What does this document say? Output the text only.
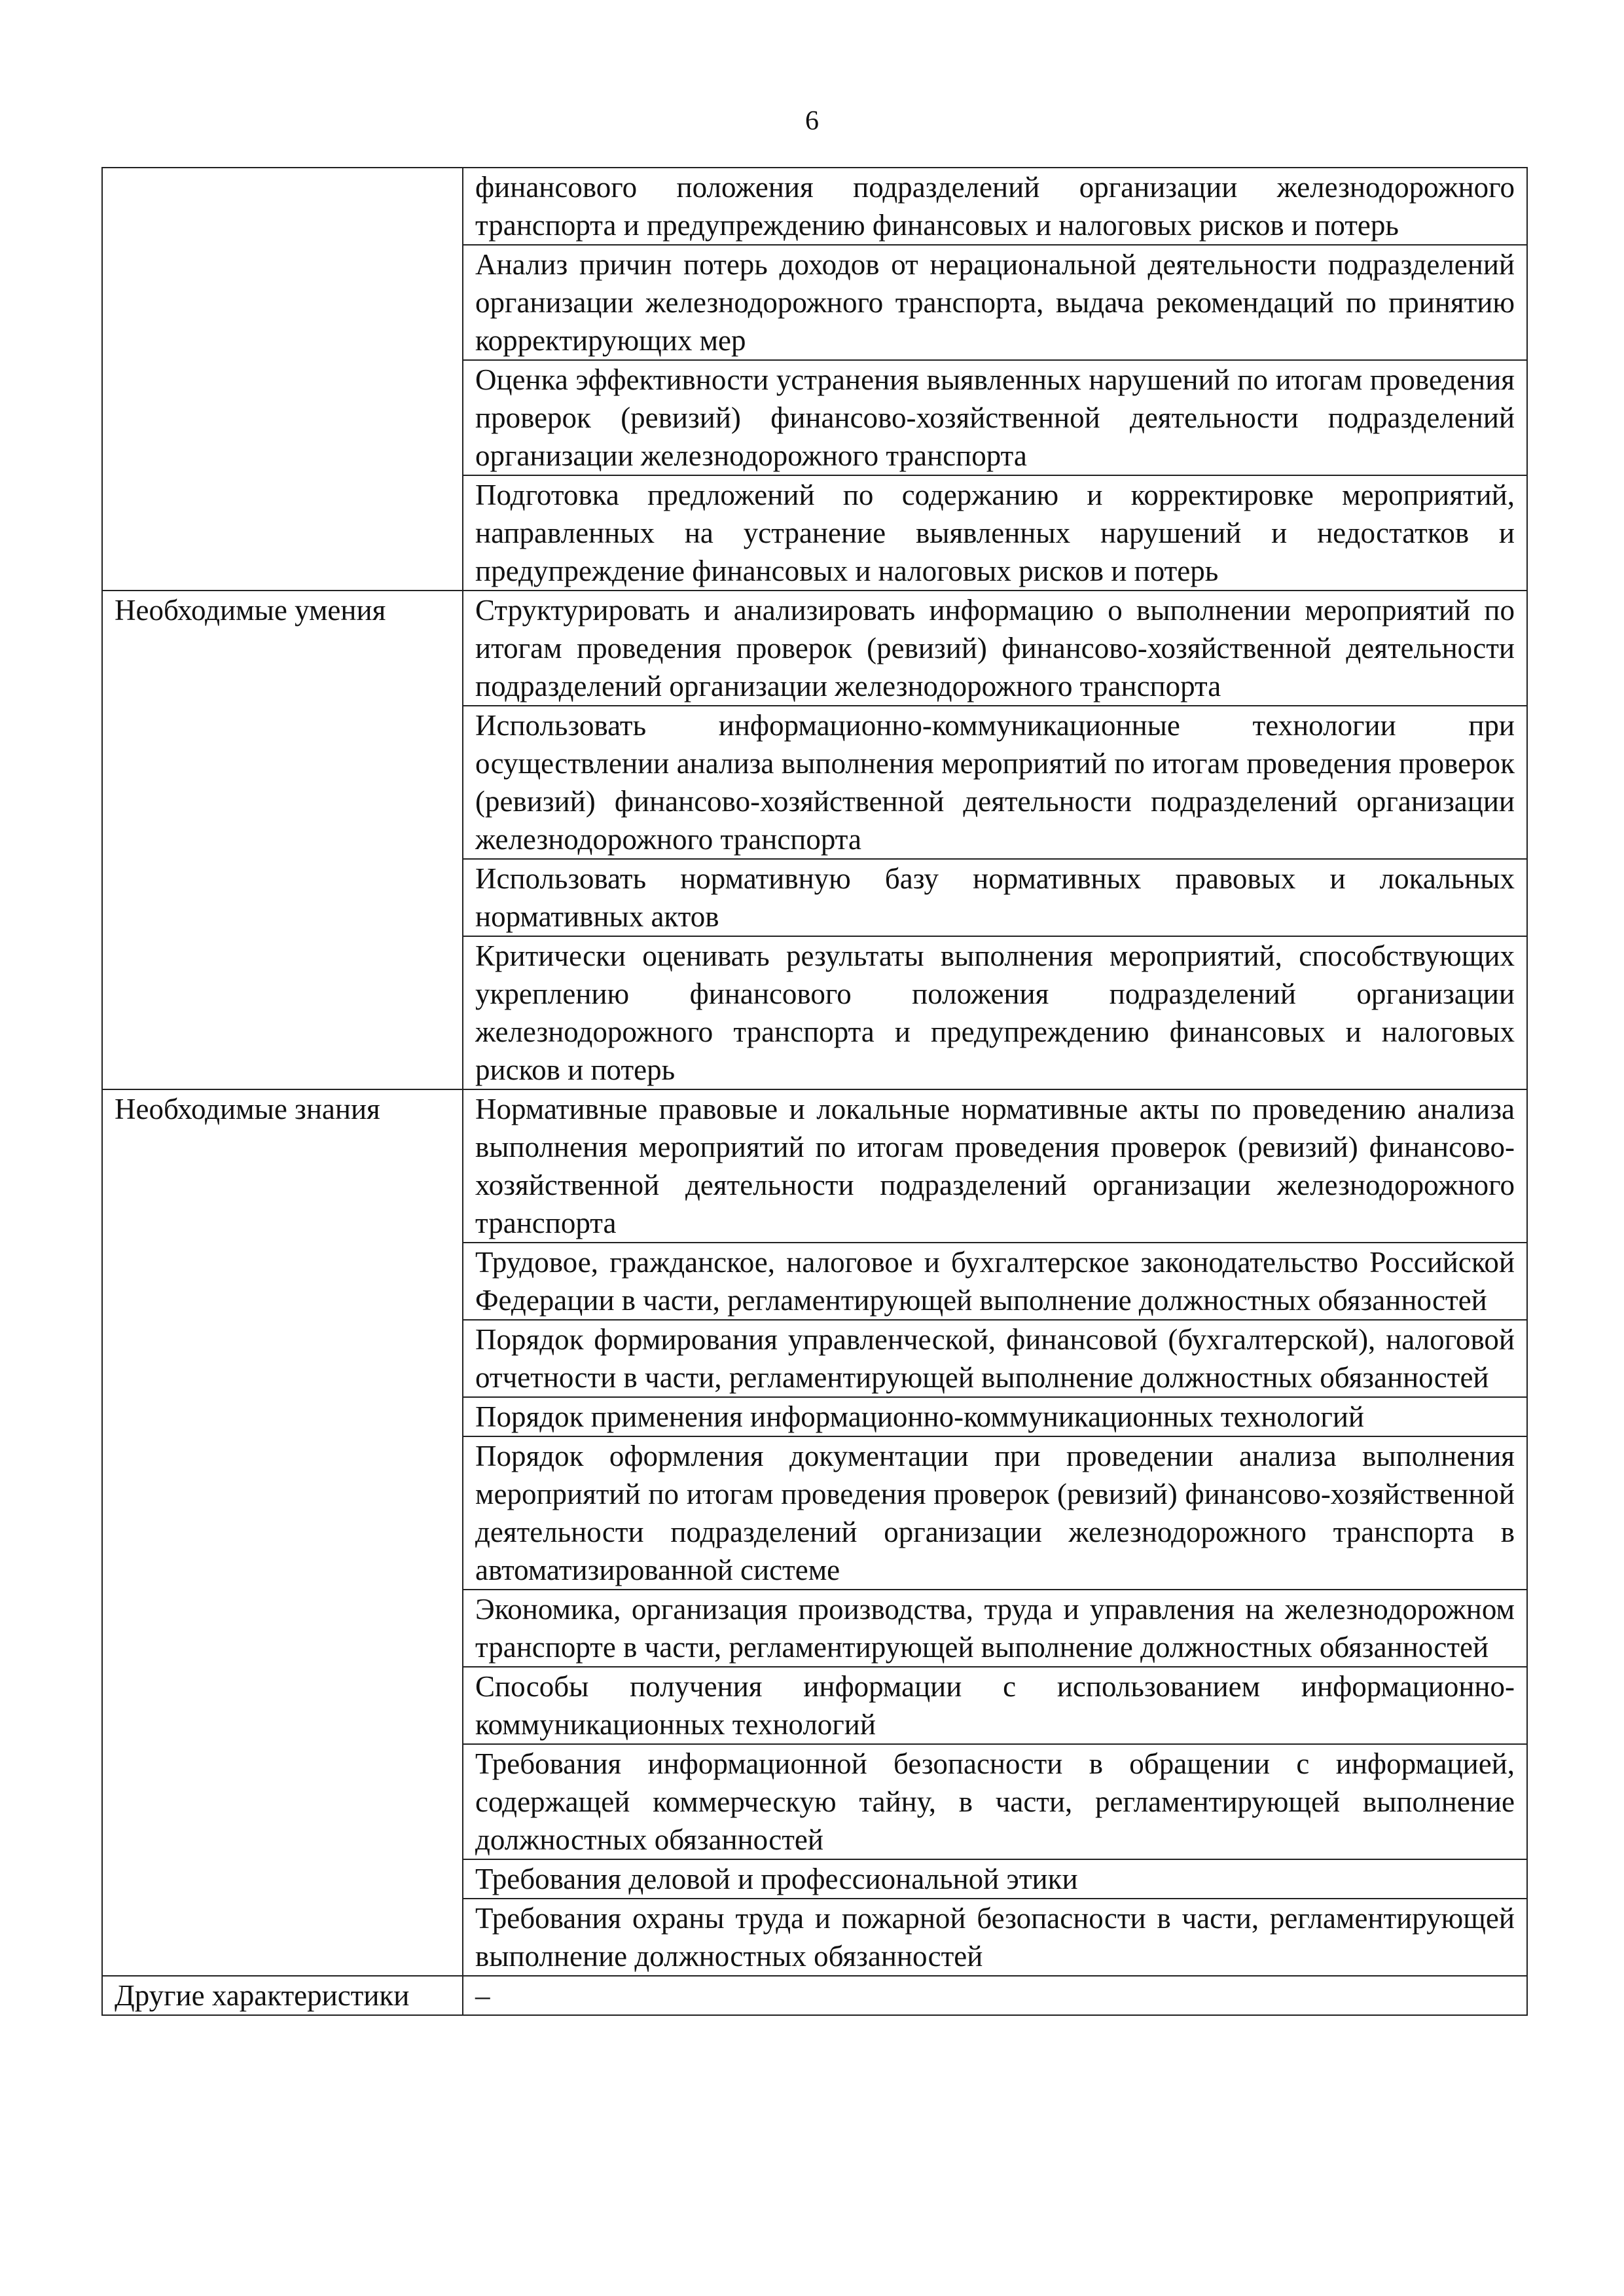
6

	финансового положения подразделений организации железнодорожного транспорта и предупреждению финансовых и налоговых рисков и потерь

	Анализ причин потерь доходов от нерациональной деятельности подразделений организации железнодорожного транспорта, выдача рекомендаций по принятию корректирующих мер

	Оценка эффективности устранения выявленных нарушений по итогам проведения проверок (ревизий) финансово-хозяйственной деятельности подразделений организации железнодорожного транспорта

	Подготовка предложений по содержанию и корректировке мероприятий, направленных на устранение выявленных нарушений и недостатков и предупреждение финансовых и налоговых рисков и потерь

Необходимые умения	Структурировать и анализировать информацию о выполнении мероприятий по итогам проведения проверок (ревизий) финансово-хозяйственной деятельности подразделений организации железнодорожного транспорта

	Использовать информационно-коммуникационные технологии при осуществлении анализа выполнения мероприятий по итогам проведения проверок (ревизий) финансово-хозяйственной деятельности подразделений организации железнодорожного транспорта

	Использовать нормативную базу нормативных правовых и локальных нормативных актов

	Критически оценивать результаты выполнения мероприятий, способствующих укреплению финансового положения подразделений организации железнодорожного транспорта и предупреждению финансовых и налоговых рисков и потерь

Необходимые знания	Нормативные правовые и локальные нормативные акты по проведению анализа выполнения мероприятий по итогам проведения проверок (ревизий) финансово-хозяйственной деятельности подразделений организации железнодорожного транспорта

	Трудовое, гражданское, налоговое и бухгалтерское законодательство Российской Федерации в части, регламентирующей выполнение должностных обязанностей

	Порядок формирования управленческой, финансовой (бухгалтерской), налоговой отчетности в части, регламентирующей выполнение должностных обязанностей

	Порядок применения информационно-коммуникационных технологий

	Порядок оформления документации при проведении анализа выполнения мероприятий по итогам проведения проверок (ревизий) финансово-хозяйственной деятельности подразделений организации железнодорожного транспорта в автоматизированной системе

	Экономика, организация производства, труда и управления на железнодорожном транспорте в части, регламентирующей выполнение должностных обязанностей

	Способы получения информации с использованием информационно-коммуникационных технологий

	Требования информационной безопасности в обращении с информацией, содержащей коммерческую тайну, в части, регламентирующей выполнение должностных обязанностей

	Требования деловой и профессиональной этики

	Требования охраны труда и пожарной безопасности в части, регламентирующей выполнение должностных обязанностей

Другие характеристики	–
